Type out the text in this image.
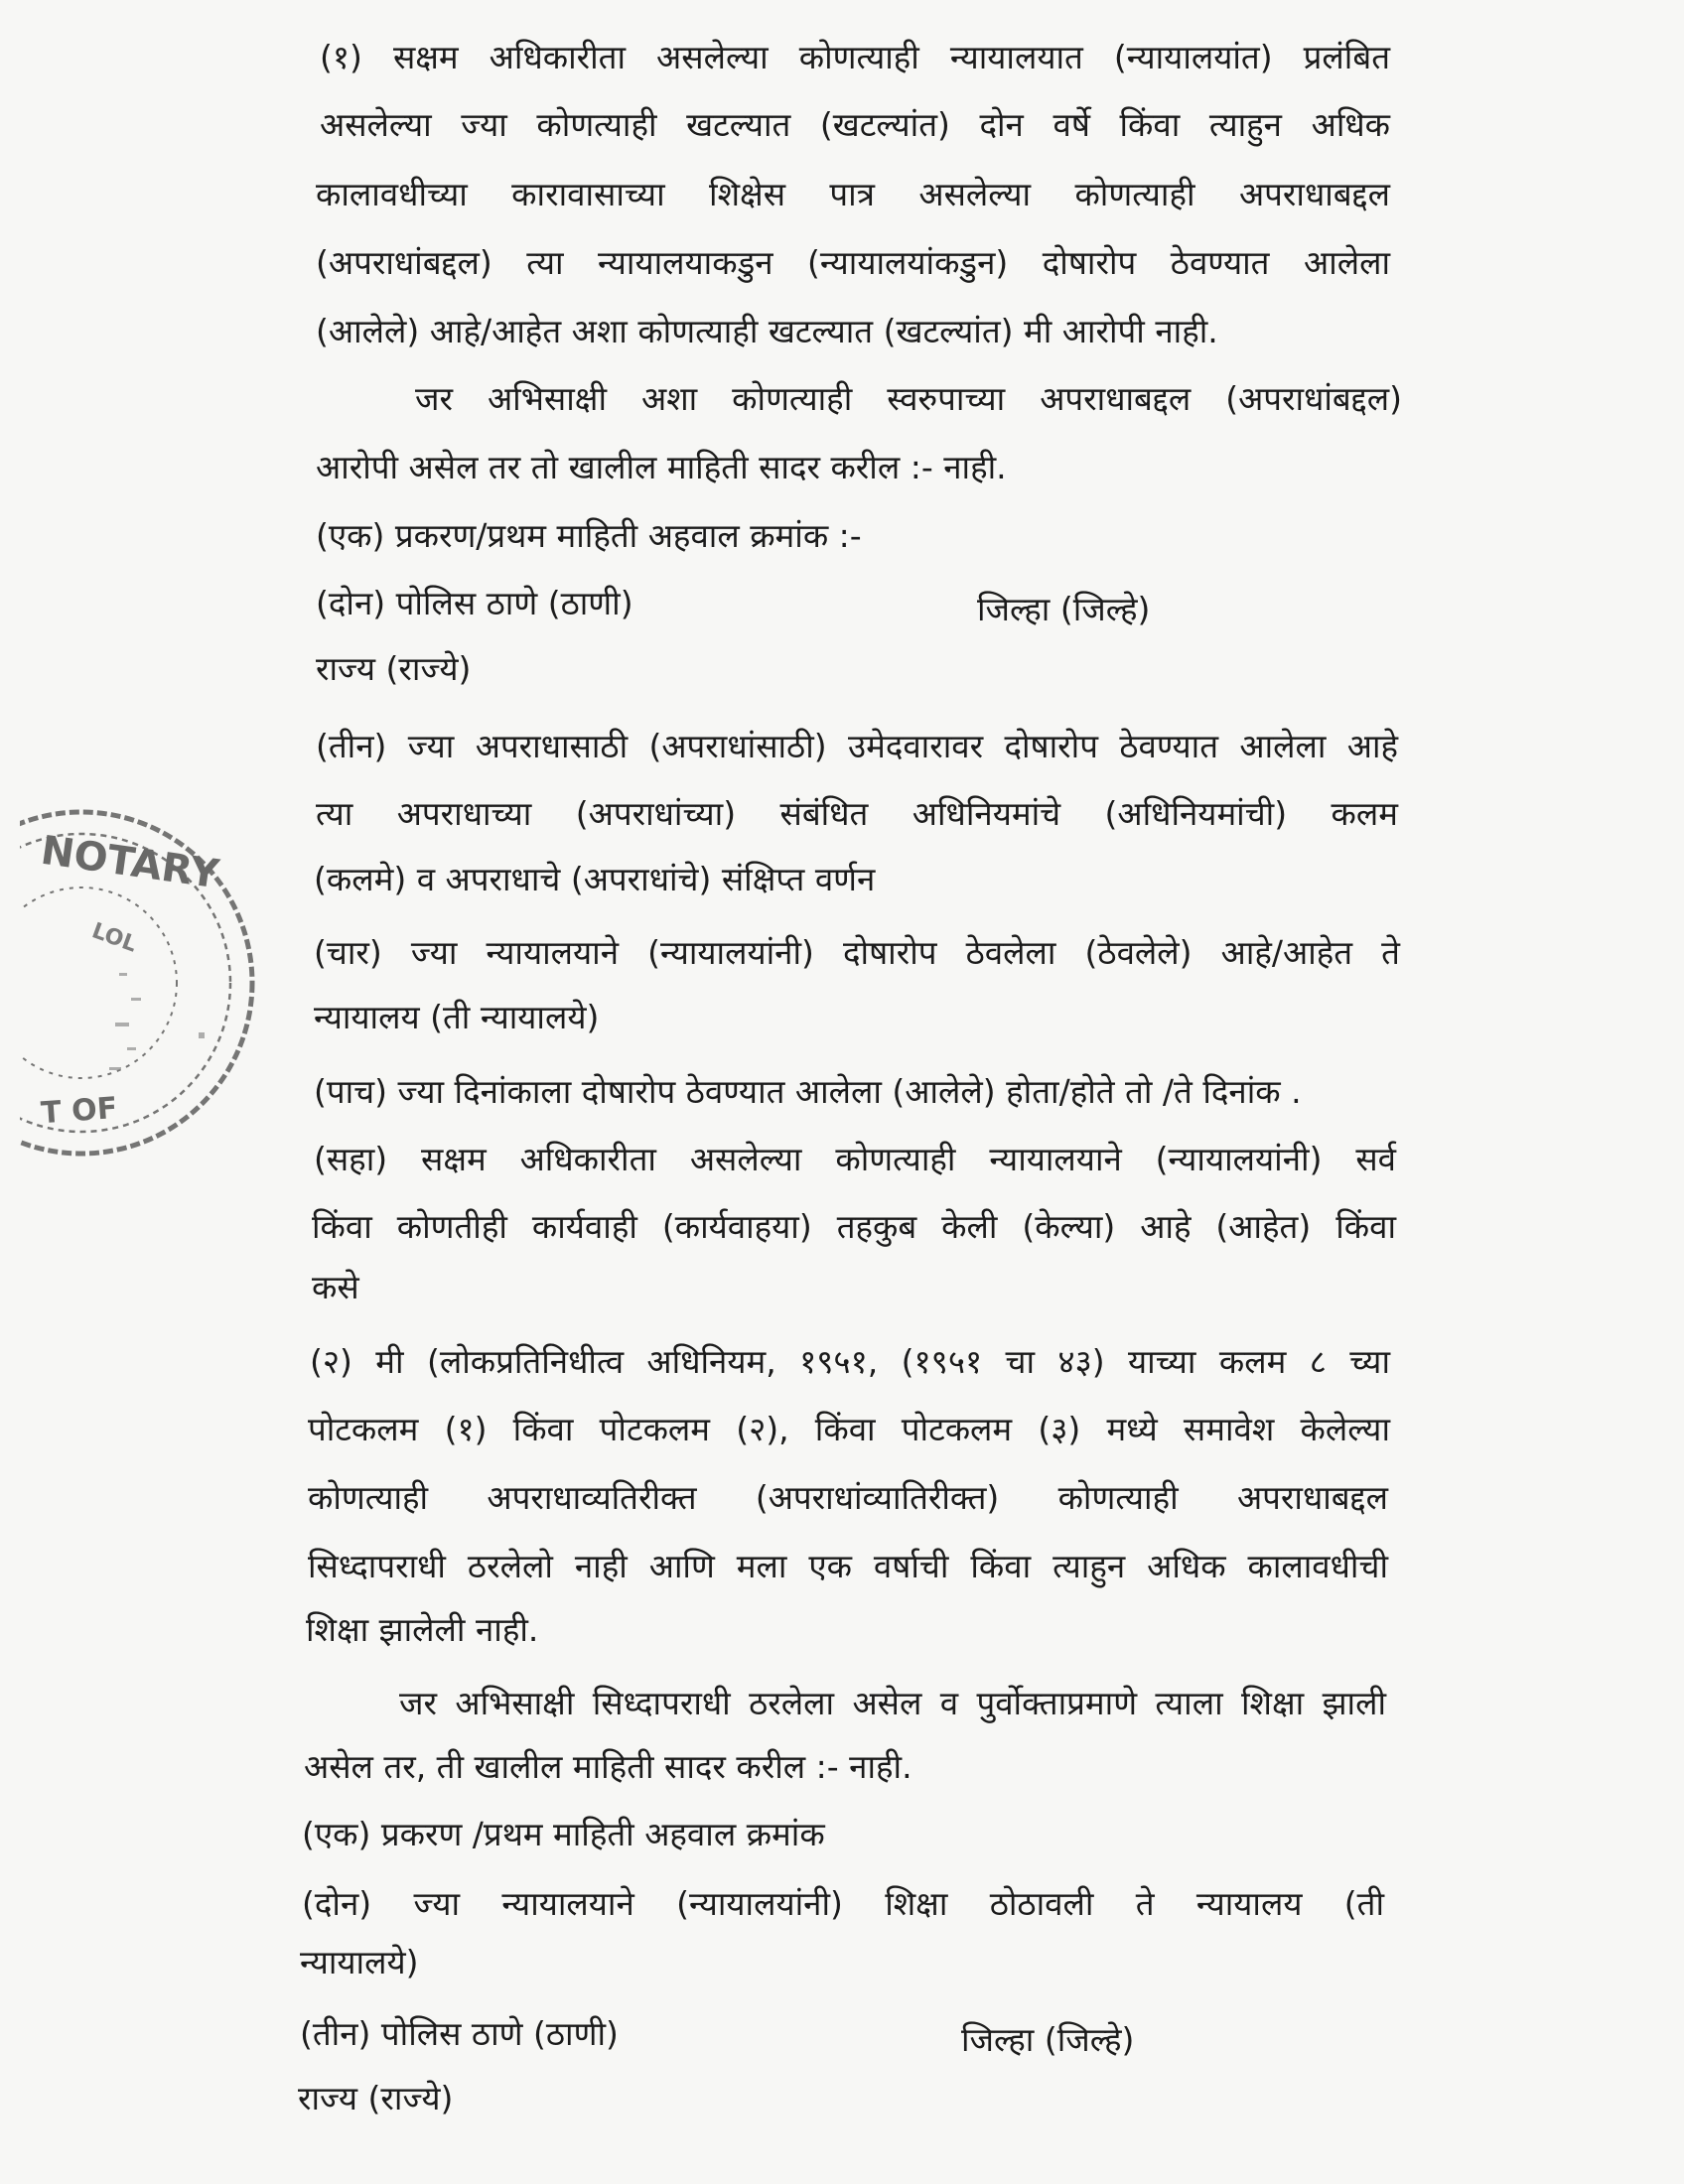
(१) सक्षम अधिकारीता असलेल्या कोणत्याही न्यायालयात (न्यायालयांत) प्रलंबित
असलेल्या ज्या कोणत्याही खटल्यात (खटल्यांत) दोन वर्षे किंवा त्याहुन अधिक
कालावधीच्या कारावासाच्या शिक्षेस पात्र असलेल्या कोणत्याही अपराधाबद्दल
(अपराधांबद्दल) त्या न्यायालयाकडुन (न्यायालयांकडुन) दोषारोप ठेवण्यात आलेला
(आलेले) आहे/आहेत अशा कोणत्याही खटल्यात (खटल्यांत) मी आरोपी नाही.
जर अभिसाक्षी अशा कोणत्याही स्वरुपाच्या अपराधाबद्दल (अपराधांबद्दल)
आरोपी असेल तर तो खालील माहिती सादर करील :- नाही.
(एक) प्रकरण/प्रथम माहिती अहवाल क्रमांक :-
(दोन) पोलिस ठाणे (ठाणी)	जिल्हा (जिल्हे)
राज्य (राज्ये)
(तीन) ज्या अपराधासाठी (अपराधांसाठी) उमेदवारावर दोषारोप ठेवण्यात आलेला आहे
त्या अपराधाच्या (अपराधांच्या) संबंधित अधिनियमांचे (अधिनियमांची) कलम
(कलमे) व अपराधाचे (अपराधांचे) संक्षिप्त वर्णन
(चार) ज्या न्यायालयाने (न्यायालयांनी) दोषारोप ठेवलेला (ठेवलेले) आहे/आहेत ते
न्यायालय (ती न्यायालये)
(पाच) ज्या दिनांकाला दोषारोप ठेवण्यात आलेला (आलेले) होता/होते तो /ते दिनांक .
(सहा) सक्षम अधिकारीता असलेल्या कोणत्याही न्यायालयाने (न्यायालयांनी) सर्व
किंवा कोणतीही कार्यवाही (कार्यवाहया) तहकुब केली (केल्या) आहे (आहेत) किंवा
कसे
(२) मी (लोकप्रतिनिधीत्व अधिनियम, १९५१, (१९५१ चा ४३) याच्या कलम ८ च्या
पोटकलम (१) किंवा पोटकलम (२), किंवा पोटकलम (३) मध्ये समावेश केलेल्या
कोणत्याही अपराधाव्यतिरीक्त (अपराधांव्यातिरीक्त) कोणत्याही अपराधाबद्दल
सिध्दापराधी ठरलेलो नाही आणि मला एक वर्षाची किंवा त्याहुन अधिक कालावधीची
शिक्षा झालेली नाही.
जर अभिसाक्षी सिध्दापराधी ठरलेला असेल व पुर्वोक्ताप्रमाणे त्याला शिक्षा झाली
असेल तर, ती खालील माहिती सादर करील :- नाही.
(एक) प्रकरण /प्रथम माहिती अहवाल क्रमांक
(दोन) ज्या न्यायालयाने (न्यायालयांनी) शिक्षा ठोठावली ते न्यायालय (ती
न्यायालये)
(तीन) पोलिस ठाणे (ठाणी)	जिल्हा (जिल्हे)
राज्य (राज्ये)
NOTARY
LOL
T OF
